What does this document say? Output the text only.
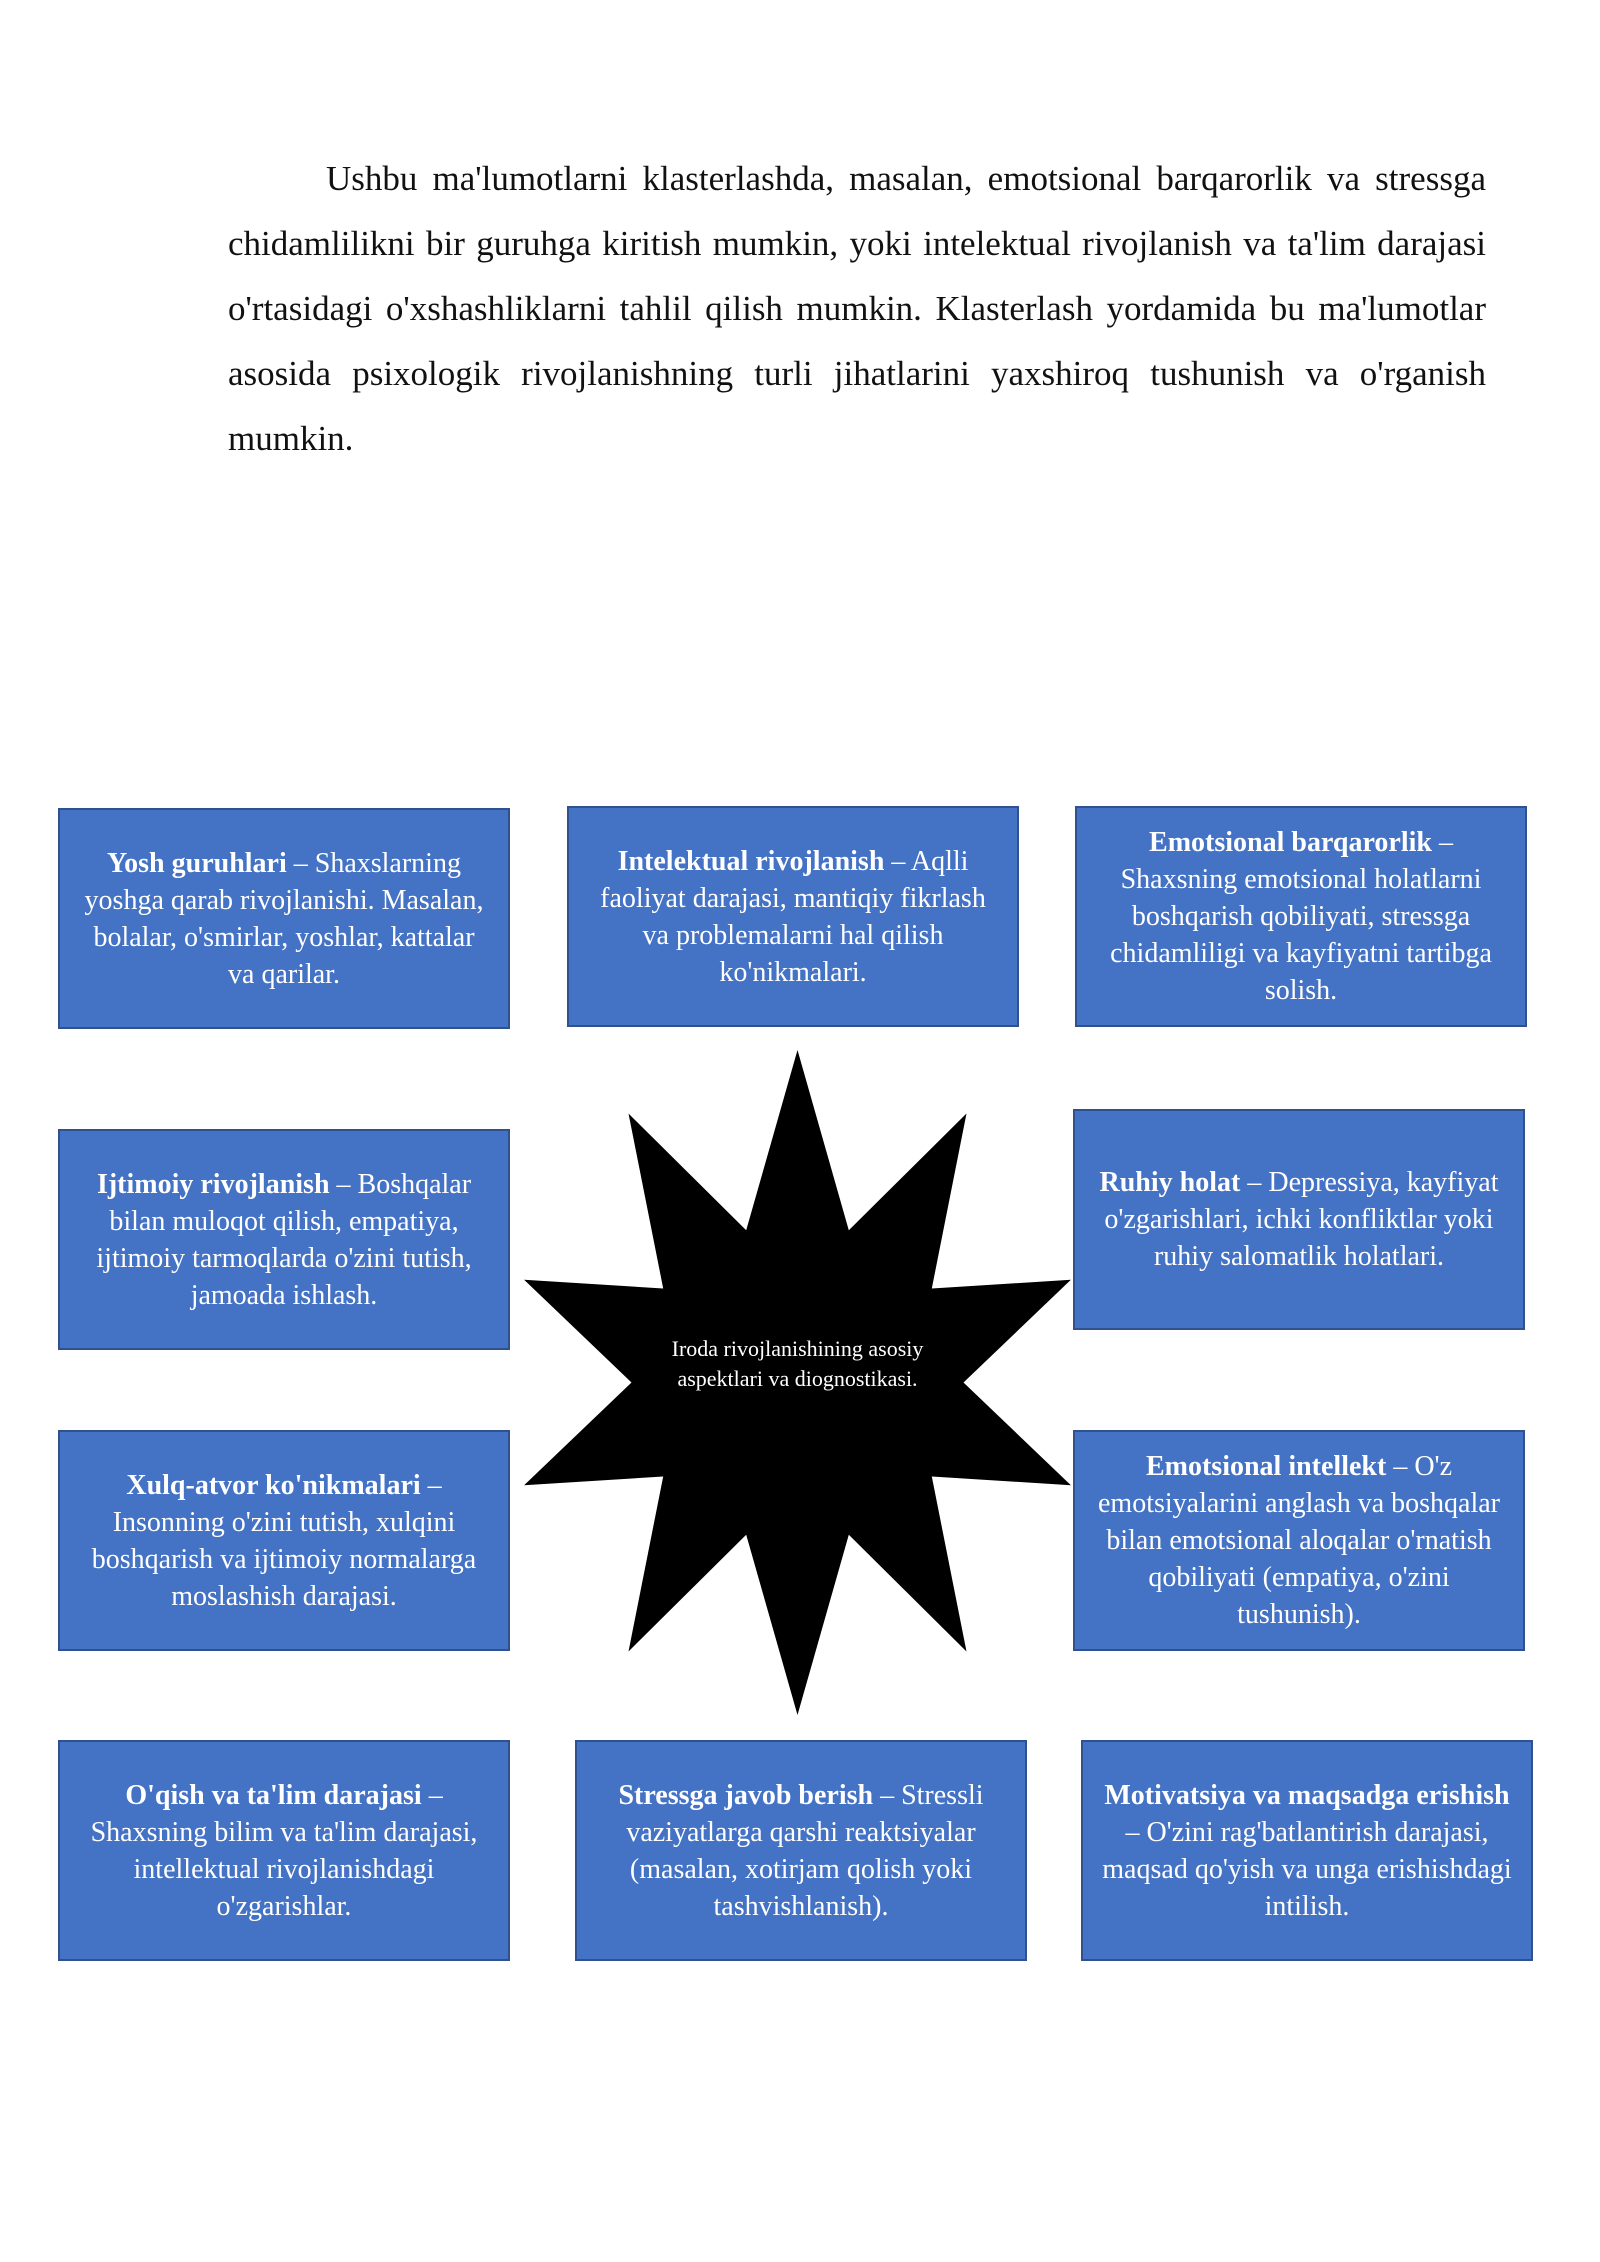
Ushbu ma'lumotlarni klasterlashda, masalan, emotsional barqarorlik va stressga chidamlilikni bir guruhga kiritish mumkin, yoki intelektual rivojlanish va ta'lim darajasi o'rtasidagi o'xshashliklarni tahlil qilish mumkin. Klasterlash yordamida bu ma'lumotlar asosida psixologik rivojlanishning turli jihatlarini yaxshiroq tushunish va o'rganish mumkin.

Yosh guruhlari – Shaxslarning yoshga qarab rivojlanishi. Masalan, bolalar, o'smirlar, yoshlar, kattalar va qarilar.
Intelektual rivojlanish – Aqlli faoliyat darajasi, mantiqiy fikrlash va problemalarni hal qilish ko'nikmalari.
Emotsional barqarorlik – Shaxsning emotsional holatlarni boshqarish qobiliyati, stressga chidamliligi va kayfiyatni tartibga solish.
Ijtimoiy rivojlanish – Boshqalar bilan muloqot qilish, empatiya, ijtimoiy tarmoqlarda o'zini tutish, jamoada ishlash.
Ruhiy holat – Depressiya, kayfiyat o'zgarishlari, ichki konfliktlar yoki ruhiy salomatlik holatlari.
Xulq-atvor ko'nikmalari – Insonning o'zini tutish, xulqini boshqarish va ijtimoiy normalarga moslashish darajasi.
Emotsional intellekt – O'z emotsiyalarini anglash va boshqalar bilan emotsional aloqalar o'rnatish qobiliyati (empatiya, o'zini tushunish).
O'qish va ta'lim darajasi – Shaxsning bilim va ta'lim darajasi, intellektual rivojlanishdagi o'zgarishlar.
Stressga javob berish – Stressli vaziyatlarga qarshi reaktsiyalar (masalan, xotirjam qolish yoki tashvishlanish).
Motivatsiya va maqsadga erishish – O'zini rag'batlantirish darajasi, maqsad qo'yish va unga erishishdagi intilish.
Iroda rivojlanishining asosiy aspektlari va diognostikasi.
